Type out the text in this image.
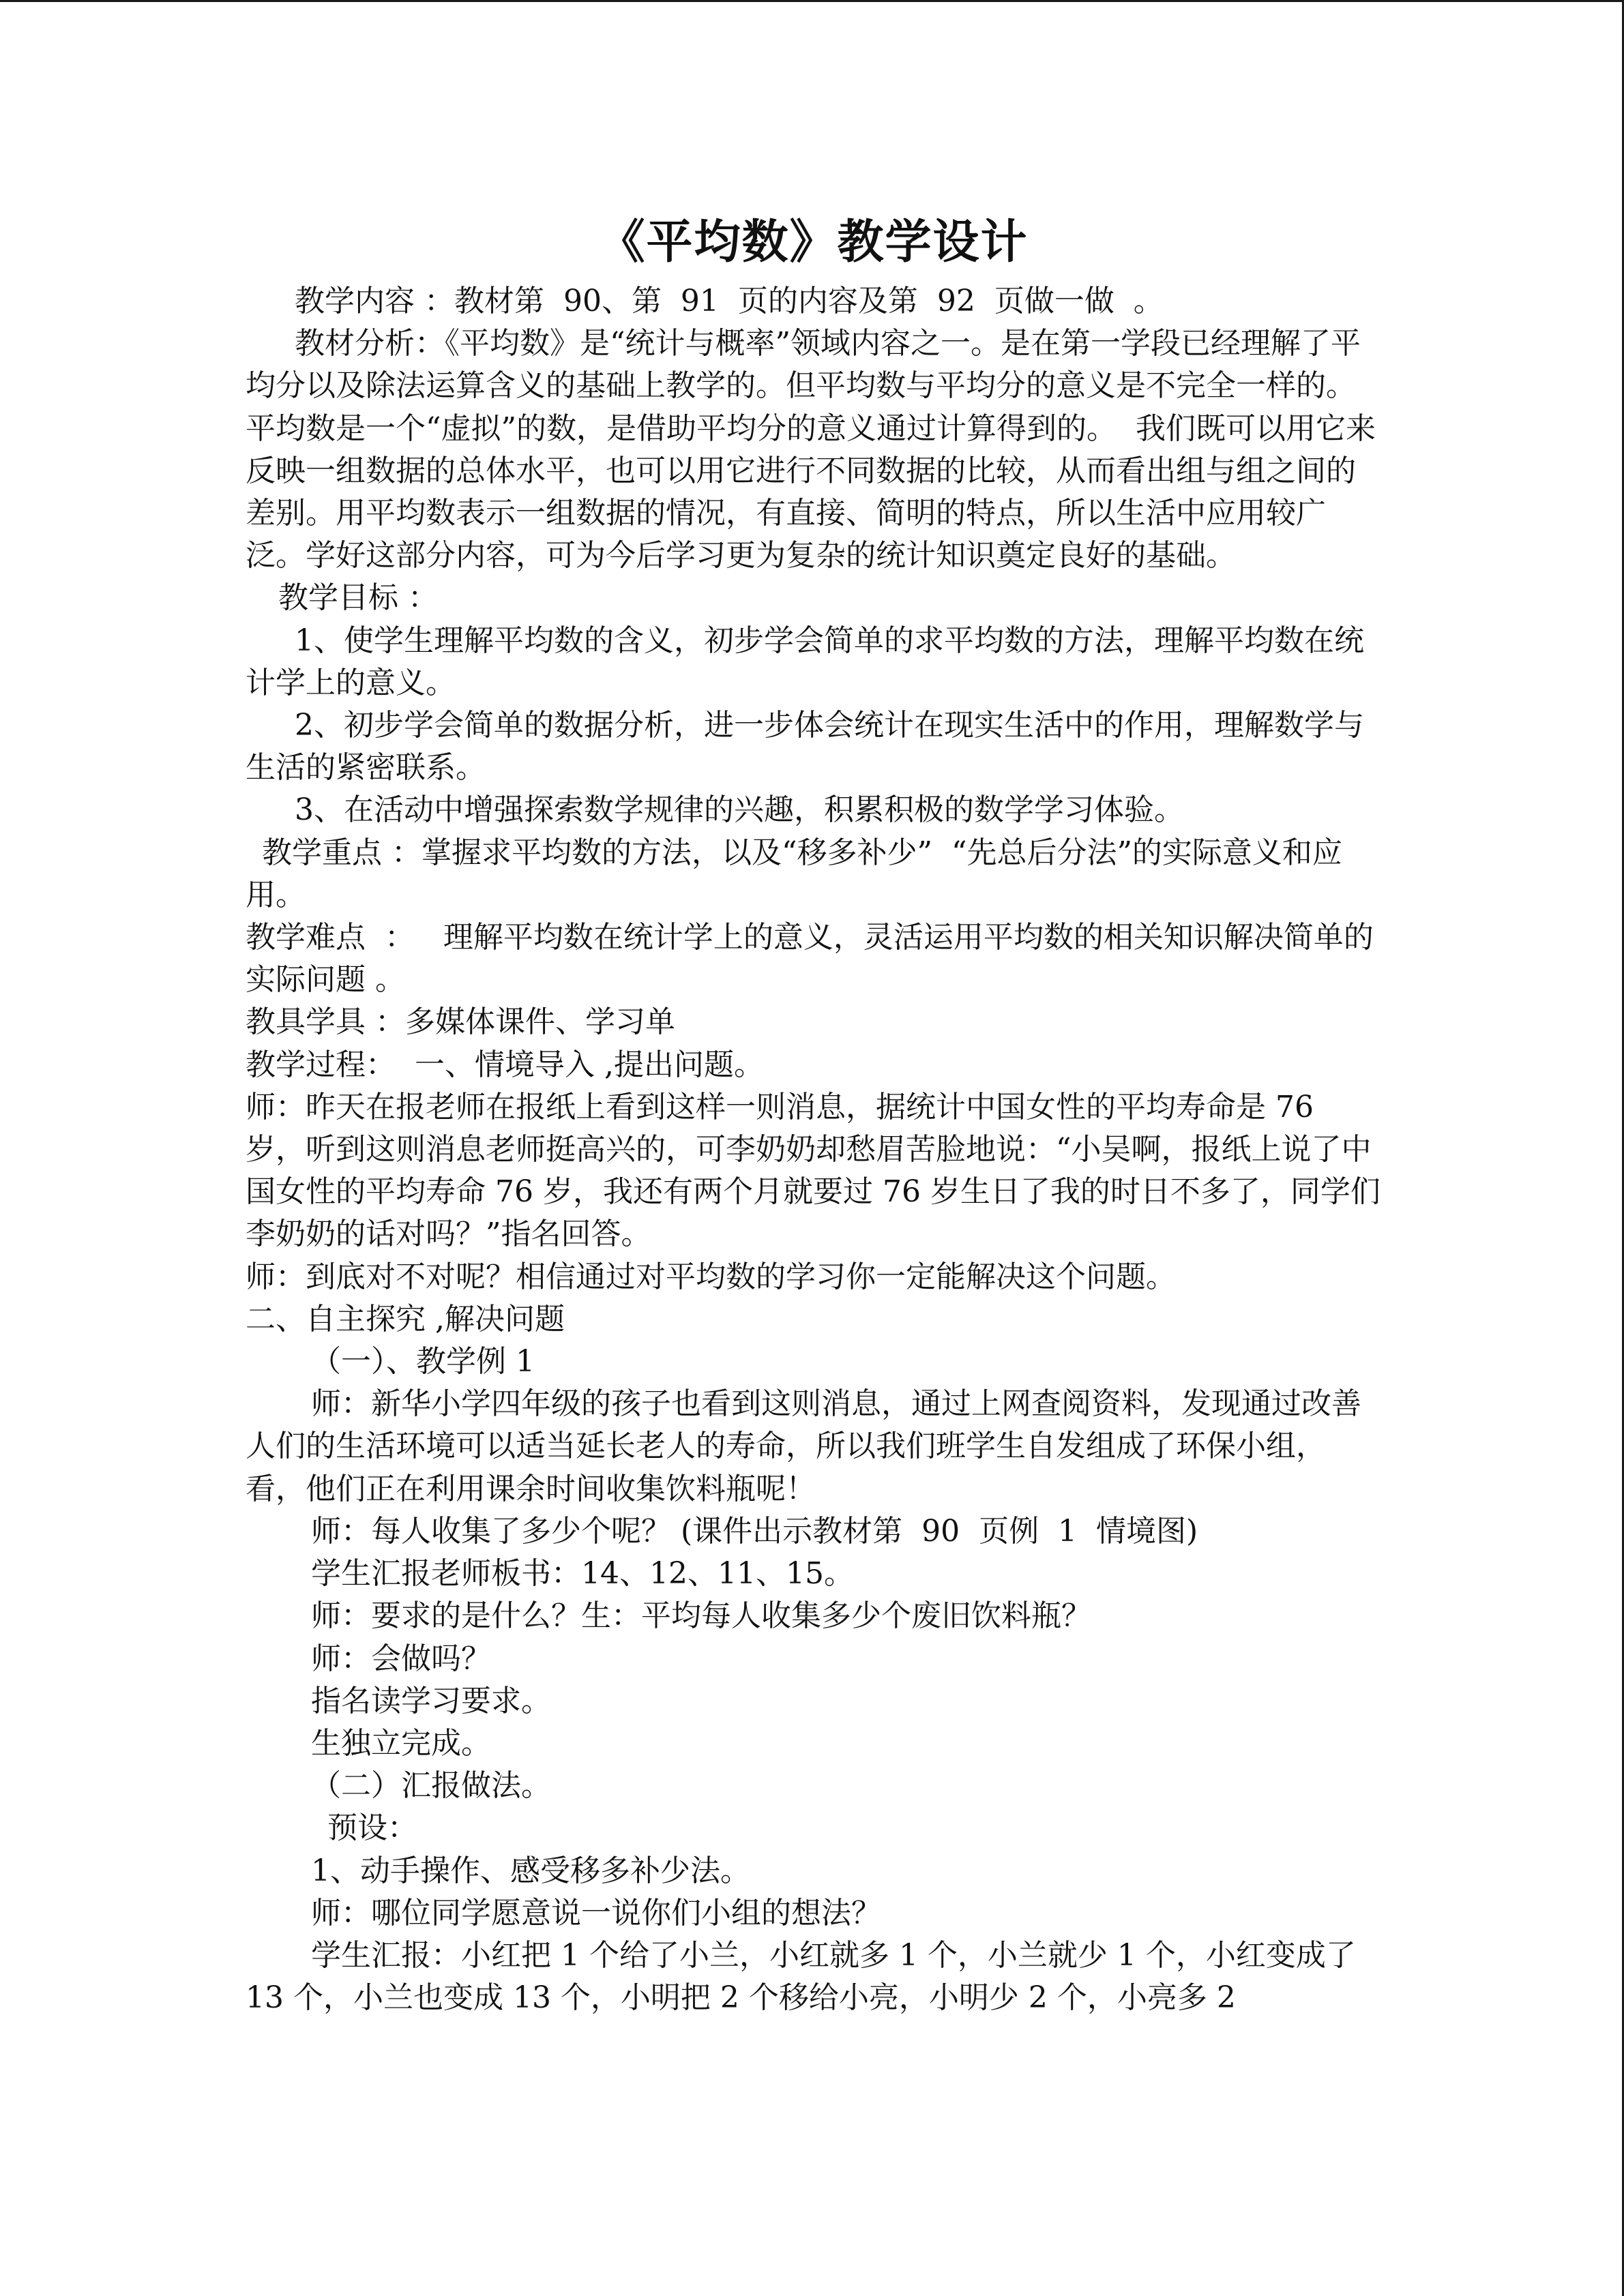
《平均数》教学设计

教学内容 ：教材第  90、第  91  页的内容及第  92  页做一做  。

教材分析：《平均数》是“统计与概率”领域内容之一。是在第一学段已经理解了平均分以及除法运算含义的基础上教学的。但平均数与平均分的意义是不完全一样的。平均数是一个“虚拟”的数，是借助平均分的意义通过计算得到的。  我们既可以用它来反映一组数据的总体水平，也可以用它进行不同数据的比较，从而看出组与组之间的差别。用平均数表示一组数据的情况，有直接、简明的特点，所以生活中应用较广泛。学好这部分内容，可为今后学习更为复杂的统计知识奠定良好的基础。

教学目标 ：

1、使学生理解平均数的含义，初步学会简单的求平均数的方法，理解平均数在统计学上的意义。

2、初步学会简单的数据分析，进一步体会统计在现实生活中的作用，理解数学与生活的紧密联系。

3、在活动中增强探索数学规律的兴趣，积累积极的数学学习体验。

教学重点 ：掌握求平均数的方法，以及“移多补少”  “先总后分法”的实际意义和应用。

教学难点  ：   理解平均数在统计学上的意义，灵活运用平均数的相关知识解决简单的实际问题 。

教具学具 ：多媒体课件、学习单

教学过程：  一、情境导入 ,提出问题。

师：昨天在报老师在报纸上看到这样一则消息，据统计中国女性的平均寿命是 76 岁，听到这则消息老师挺高兴的，可李奶奶却愁眉苦脸地说：“小吴啊，报纸上说了中国女性的平均寿命 76 岁，我还有两个月就要过 76 岁生日了我的时日不多了，同学们李奶奶的话对吗？”指名回答。

师：到底对不对呢？相信通过对平均数的学习你一定能解决这个问题。

二、自主探究 ,解决问题

（一）、教学例 1

师：新华小学四年级的孩子也看到这则消息，通过上网查阅资料，发现通过改善人们的生活环境可以适当延长老人的寿命，所以我们班学生自发组成了环保小组，看，他们正在利用课余时间收集饮料瓶呢！

师：每人收集了多少个呢？ (课件出示教材第  90  页例  1  情境图)

学生汇报老师板书：14、12、11、15。

师：要求的是什么？生：平均每人收集多少个废旧饮料瓶？

师：会做吗？

指名读学习要求。

生独立完成。

（二）汇报做法。

预设：

1、动手操作、感受移多补少法。

师：哪位同学愿意说一说你们小组的想法？

学生汇报：小红把 1 个给了小兰，小红就多 1 个，小兰就少 1 个，小红变成了 13 个，小兰也变成 13 个，小明把 2 个移给小亮，小明少 2 个，小亮多 2
